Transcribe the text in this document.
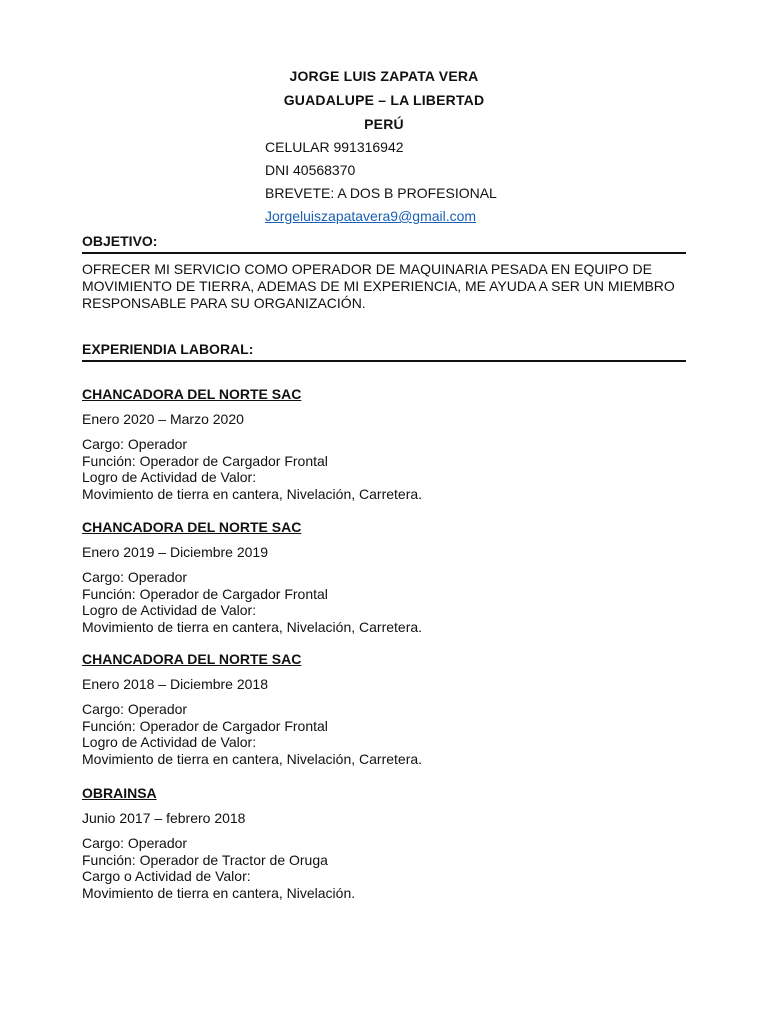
JORGE LUIS ZAPATA VERA
GUADALUPE – LA LIBERTAD
PERÚ
CELULAR 991316942
DNI 40568370
BREVETE: A DOS B PROFESIONAL
Jorgeluiszapatavera9@gmail.com
OBJETIVO:
OFRECER MI SERVICIO COMO OPERADOR DE MAQUINARIA PESADA EN EQUIPO DE MOVIMIENTO DE TIERRA, ADEMAS DE MI EXPERIENCIA, ME AYUDA A SER UN MIEMBRO RESPONSABLE PARA SU ORGANIZACIÓN.
EXPERIENDIA LABORAL:
CHANCADORA DEL NORTE SAC
Enero 2020 – Marzo 2020
Cargo: Operador
Función: Operador de Cargador Frontal
Logro de Actividad de Valor:
Movimiento de tierra en cantera, Nivelación, Carretera.
CHANCADORA DEL NORTE SAC
Enero 2019 – Diciembre 2019
Cargo: Operador
Función: Operador de Cargador Frontal
Logro de Actividad de Valor:
Movimiento de tierra en cantera, Nivelación, Carretera.
CHANCADORA DEL NORTE SAC
Enero 2018 – Diciembre 2018
Cargo: Operador
Función: Operador de Cargador Frontal
Logro de Actividad de Valor:
Movimiento de tierra en cantera, Nivelación, Carretera.
OBRAINSA
Junio 2017 – febrero 2018
Cargo: Operador
Función: Operador de Tractor de Oruga
Cargo o Actividad de Valor:
Movimiento de tierra en cantera, Nivelación.
